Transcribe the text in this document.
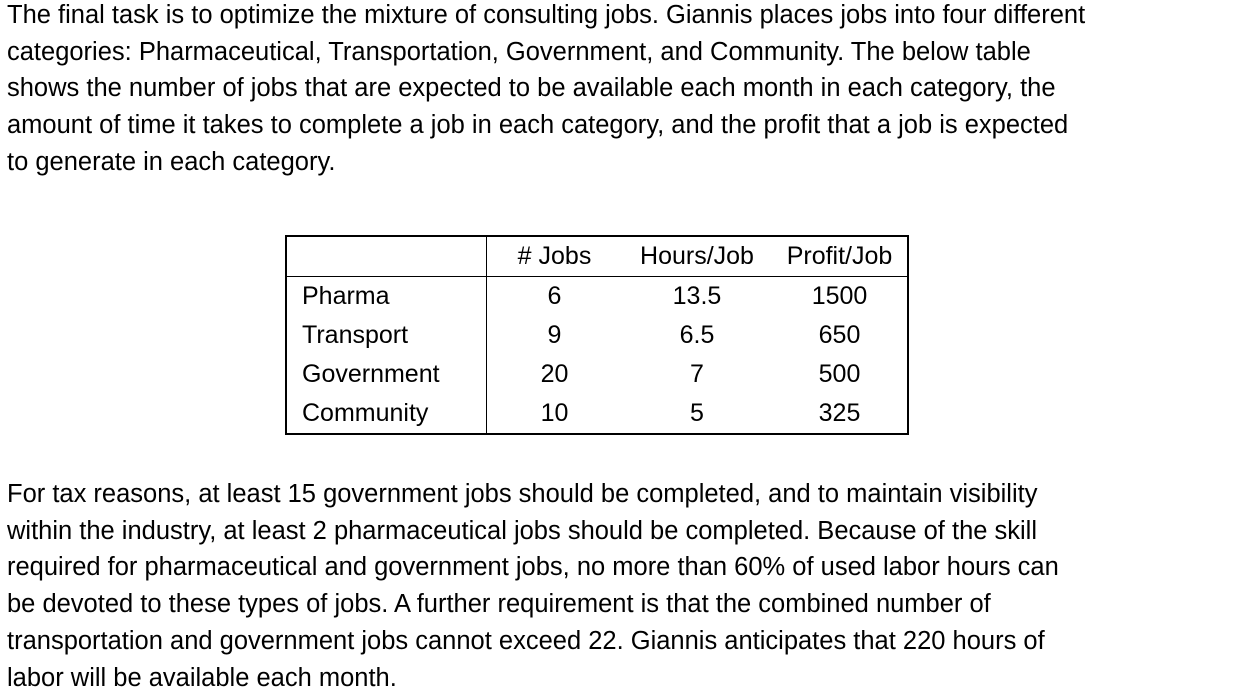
The final task is to optimize the mixture of consulting jobs. Giannis places jobs into four different
categories: Pharmaceutical, Transportation, Government, and Community. The below table
shows the number of jobs that are expected to be available each month in each category, the
amount of time it takes to complete a job in each category, and the profit that a job is expected
to generate in each category.
	# Jobs	Hours/Job	Profit/Job
Pharma	6	13.5	1500
Transport	9	6.5	650
Government	20	7	500
Community	10	5	325
For tax reasons, at least 15 government jobs should be completed, and to maintain visibility
within the industry, at least 2 pharmaceutical jobs should be completed. Because of the skill
required for pharmaceutical and government jobs, no more than 60% of used labor hours can
be devoted to these types of jobs. A further requirement is that the combined number of
transportation and government jobs cannot exceed 22. Giannis anticipates that 220 hours of
labor will be available each month.
